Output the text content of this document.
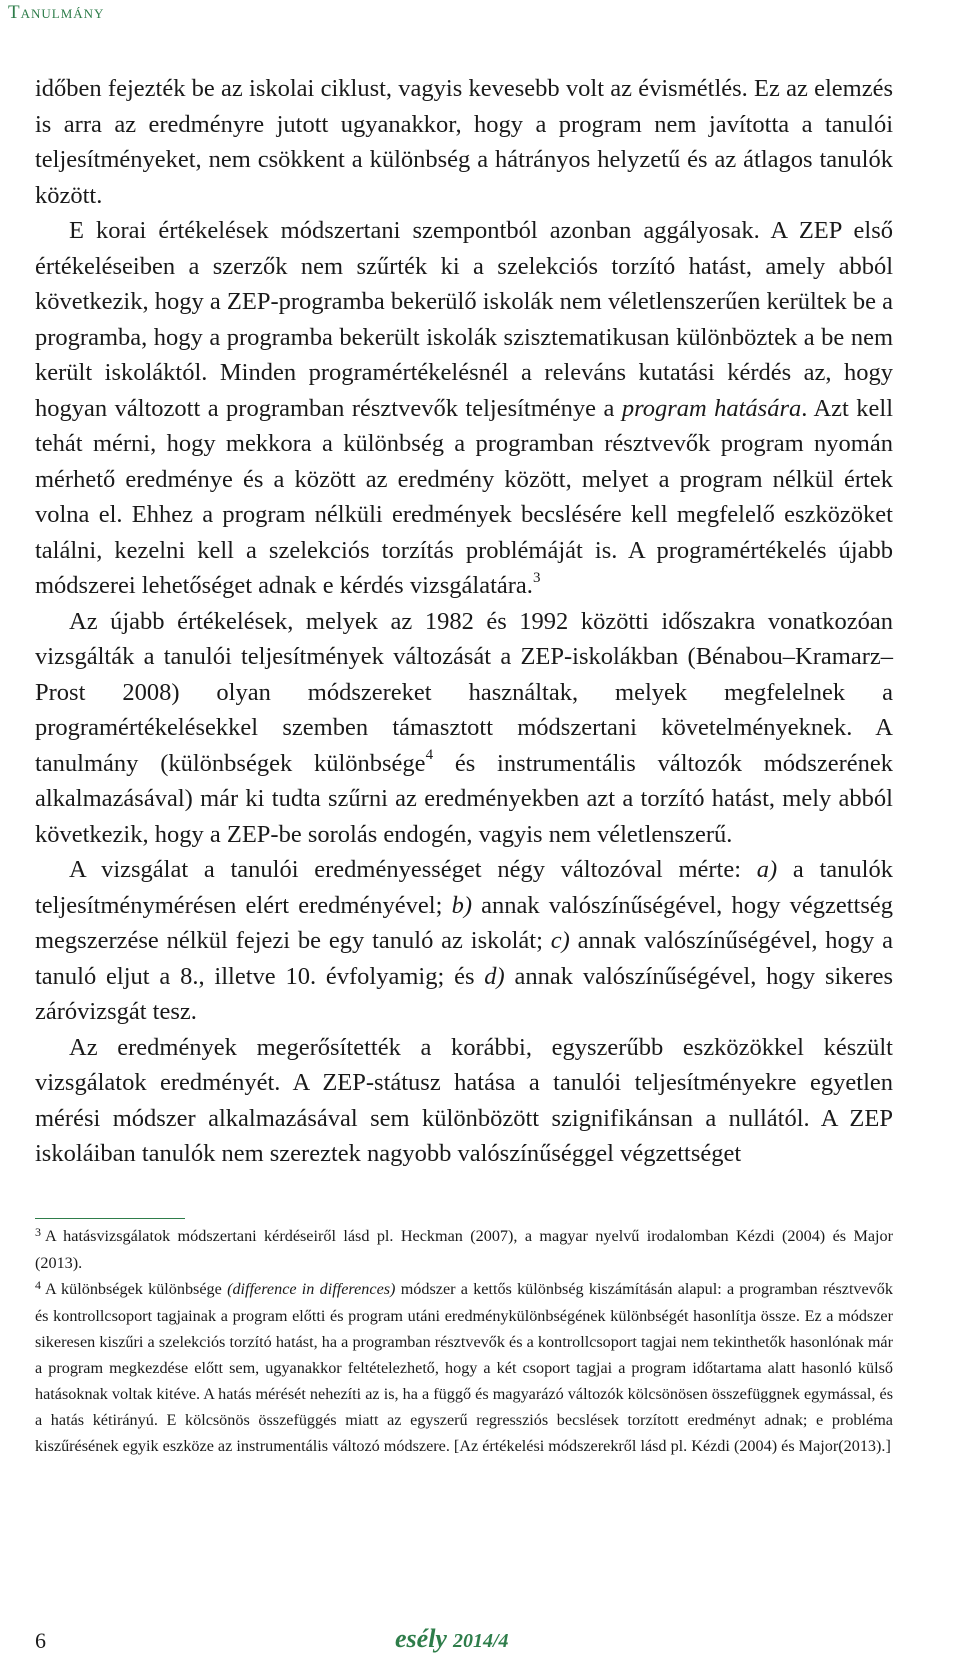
Tanulmány

időben fejezték be az iskolai ciklust, vagyis kevesebb volt az évismétlés. Ez az elemzés is arra az eredményre jutott ugyanakkor, hogy a program nem javította a tanulói teljesítményeket, nem csökkent a különbség a hátrányos helyzetű és az átlagos tanulók között.

E korai értékelések módszertani szempontból azonban aggályosak. A ZEP első értékeléseiben a szerzők nem szűrték ki a szelekciós torzító hatást, amely abból következik, hogy a ZEP-programba bekerülő iskolák nem véletlenszerűen kerültek be a programba, hogy a programba bekerült iskolák szisztematikusan különböztek a be nem került iskoláktól. Minden programértékelésnél a releváns kutatási kérdés az, hogy hogyan változott a programban résztvevők teljesítménye a program hatására. Azt kell tehát mérni, hogy mekkora a különbség a programban résztvevők program nyomán mérhető eredménye és a között az eredmény között, melyet a program nélkül értek volna el. Ehhez a program nélküli eredmények becslésére kell megfelelő eszközöket találni, kezelni kell a szelekciós torzítás problémáját is. A programértékelés újabb módszerei lehetőséget adnak e kérdés vizsgálatára.$^3$

Az újabb értékelések, melyek az 1982 és 1992 közötti időszakra vonatkozóan vizsgálták a tanulói teljesítmények változását a ZEP-iskolákban (Bénabou–Kramarz–Prost 2008) olyan módszereket használtak, melyek megfelelnek a programértékelésekkel szemben támasztott módszertani követelményeknek. A tanulmány (különbségek különbsége$^4$ és instrumentális változók módszerének alkalmazásával) már ki tudta szűrni az eredményekben azt a torzító hatást, mely abból következik, hogy a ZEP-be sorolás endogén, vagyis nem véletlenszerű.

A vizsgálat a tanulói eredményességet négy változóval mérte: a) a tanulók teljesítménymérésen elért eredményével; b) annak valószínűségével, hogy végzettség megszerzése nélkül fejezi be egy tanuló az iskolát; c) annak valószínűségével, hogy a tanuló eljut a 8., illetve 10. évfolyamig; és d) annak valószínűségével, hogy sikeres záróvizsgát tesz.

Az eredmények megerősítették a korábbi, egyszerűbb eszközökkel készült vizsgálatok eredményét. A ZEP-státusz hatása a tanulói teljesítményekre egyetlen mérési módszer alkalmazásával sem különbözött szignifikánsan a nullától. A ZEP iskoláiban tanulók nem szereztek nagyobb valószínűséggel végzettséget

$^3$ A hatásvizsgálatok módszertani kérdéseiről lásd pl. Heckman (2007), a magyar nyelvű irodalomban Kézdi (2004) és Major (2013).

$^4$ A különbségek különbsége (difference in differences) módszer a kettős különbség kiszámításán alapul: a programban résztvevők és kontrollcsoport tagjainak a program előtti és program utáni eredménykülönbségének különbségét hasonlítja össze. Ez a módszer sikeresen kiszűri a szelekciós torzító hatást, ha a programban résztvevők és a kontrollcsoport tagjai nem tekinthetők hasonlónak már a program megkezdése előtt sem, ugyanakkor feltételezhető, hogy a két csoport tagjai a program időtartama alatt hasonló külső hatásoknak voltak kitéve. A hatás mérését nehezíti az is, ha a függő és magyarázó változók kölcsönösen összefüggnek egymással, és a hatás kétirányú. E kölcsönös összefüggés miatt az egyszerű regressziós becslések torzított eredményt adnak; e probléma kiszűrésének egyik eszköze az instrumentális változó módszere. [Az értékelési módszerekről lásd pl. Kézdi (2004) és Major(2013).]

6	esély 2014/4
